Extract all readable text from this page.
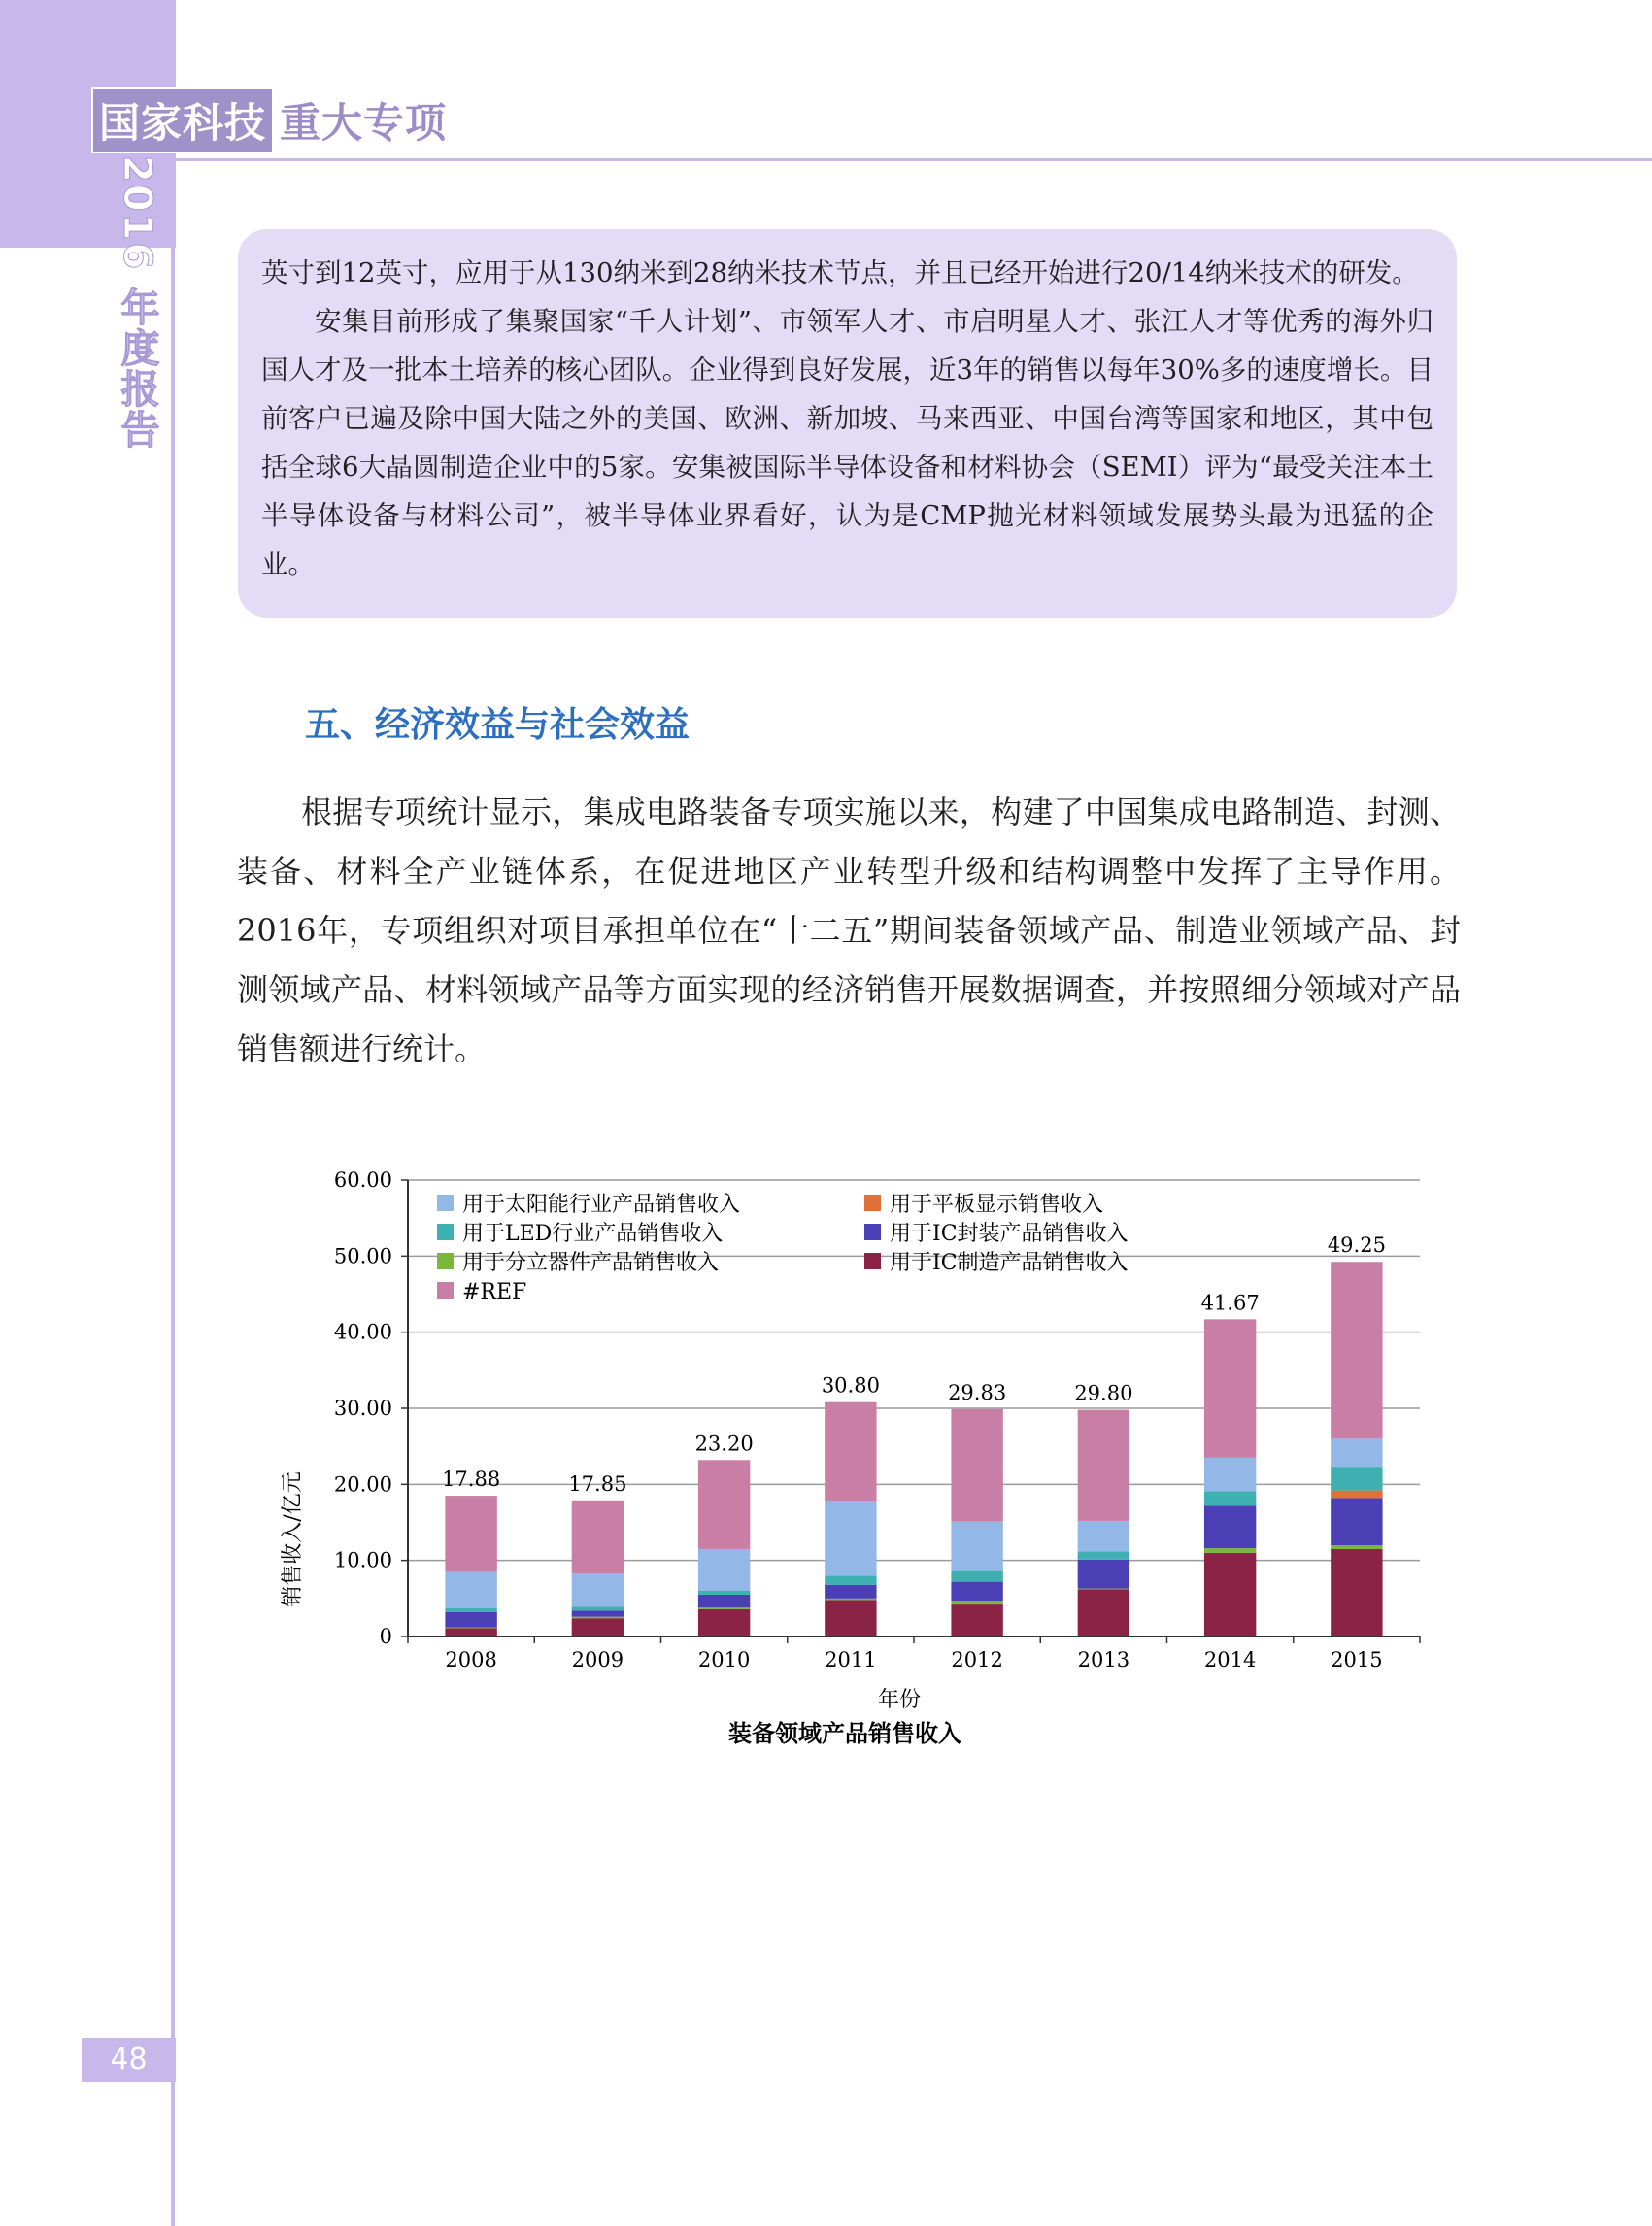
国家科技 重大专项
2016 年度报告
48

英寸到12英寸，应用于从130纳米到28纳米技术节点，并且已经开始进行20/14纳米技术的研发。

安集目前形成了集聚国家“千人计划”、市领军人才、市启明星人才、张江人才等优秀的海外归国人才及一批本土培养的核心团队。企业得到良好发展，近3年的销售以每年30%多的速度增长。目前客户已遍及除中国大陆之外的美国、欧洲、新加坡、马来西亚、中国台湾等国家和地区，其中包括全球6大晶圆制造企业中的5家。安集被国际半导体设备和材料协会（SEMI）评为“最受关注本土半导体设备与材料公司”，被半导体业界看好，认为是CMP抛光材料领域发展势头最为迅猛的企业。

五、经济效益与社会效益

根据专项统计显示，集成电路装备专项实施以来，构建了中国集成电路制造、封测、装备、材料全产业链体系，在促进地区产业转型升级和结构调整中发挥了主导作用。2016年，专项组织对项目承担单位在“十二五”期间装备领域产品、制造业领域产品、封测领域产品、材料领域产品等方面实现的经济销售开展数据调查，并按照细分领域对产品销售额进行统计。

0
10.00
20.00
30.00
40.00
50.00
60.00
2008
17.88
2009
17.85
2010
23.20
2011
30.80
2012
29.83
2013
29.80
2014
41.67
2015
49.25
用于太阳能行业产品销售收入	用于平板显示销售收入
用于LED行业产品销售收入	用于IC封装产品销售收入
用于分立器件产品销售收入	用于IC制造产品销售收入
#REF
年份
装备领域产品销售收入
销售收入/亿元
